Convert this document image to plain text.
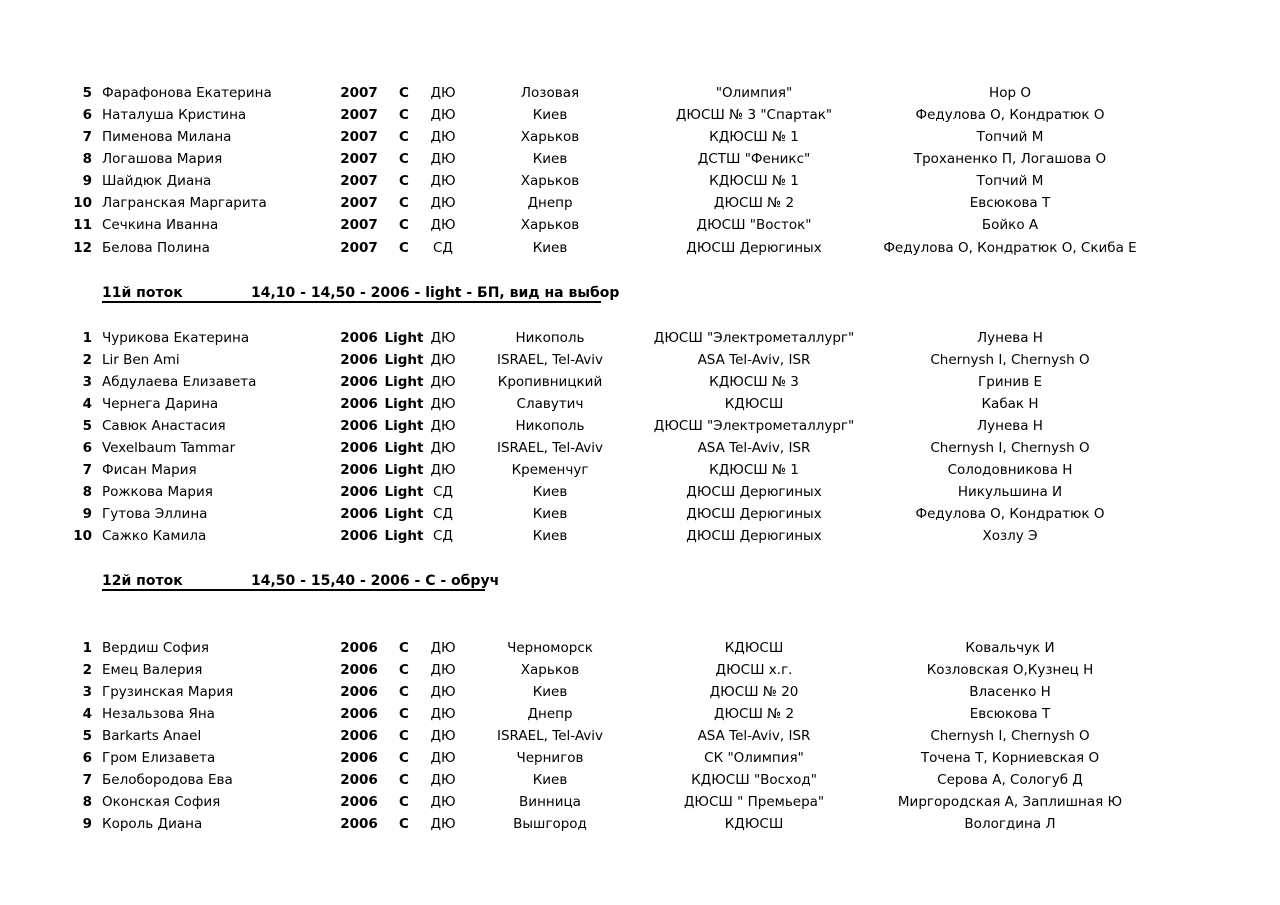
5 Фарафонова Екатерина	2007	С	ДЮ	Лозовая	"Олимпия"	Нор О
6 Наталуша Кристина	2007	С	ДЮ	Киев	ДЮСШ № 3 "Спартак"	Федулова О, Кондратюк О
7 Пименова Милана	2007	С	ДЮ	Харьков	КДЮСШ № 1	Топчий М
8 Логашова Мария	2007	С	ДЮ	Киев	ДСТШ "Феникс"	Троханенко П, Логашова О
9 Шайдюк Диана	2007	С	ДЮ	Харьков	КДЮСШ № 1	Топчий М
10 Лагранская Маргарита	2007	С	ДЮ	Днепр	ДЮСШ № 2	Евсюкова Т
11 Сечкина Иванна	2007	С	ДЮ	Харьков	ДЮСШ "Восток"	Бойко А
12 Белова Полина	2007	С	СД	Киев	ДЮСШ Дерюгиных	Федулова О, Кондратюк О, Скиба Е
11й поток	14,10 - 14,50 - 2006 - light - БП, вид на выбор
1 Чурикова Екатерина	2006 Light ДЮ	Никополь	ДЮСШ "Электрометаллург"	Лунева Н
2 Lir Ben Ami	2006 Light ДЮ	ISRAEL, Tel-Aviv	ASA Tel-Aviv, ISR	Chernysh I, Chernysh O
3 Абдулаева Елизавета	2006 Light ДЮ	Кропивницкий	КДЮСШ № 3	Гринив Е
4 Чернега Дарина	2006 Light ДЮ	Славутич	КДЮСШ	Кабак Н
5 Савюк Анастасия	2006 Light ДЮ	Никополь	ДЮСШ "Электрометаллург"	Лунева Н
6 Vexelbaum Tammar	2006 Light ДЮ	ISRAEL, Tel-Aviv	ASA Tel-Aviv, ISR	Chernysh I, Chernysh O
7 Фисан Мария	2006 Light ДЮ	Кременчуг	КДЮСШ № 1	Солодовникова Н
8 Рожкова Мария	2006 Light СД	Киев	ДЮСШ Дерюгиных	Никульшина И
9 Гутова Эллина	2006 Light СД	Киев	ДЮСШ Дерюгиных	Федулова О, Кондратюк О
10 Сажко Камила	2006 Light СД	Киев	ДЮСШ Дерюгиных	Хозлу Э
12й поток	14,50 - 15,40 - 2006 - С - обруч
1 Вердиш София	2006	С	ДЮ	Черноморск	КДЮСШ	Ковальчук И
2 Емец Валерия	2006	С	ДЮ	Харьков	ДЮСШ х.г.	Козловская О,Кузнец Н
3 Грузинская Мария	2006	С	ДЮ	Киев	ДЮСШ № 20	Власенко Н
4 Незальзова Яна	2006	С	ДЮ	Днепр	ДЮСШ № 2	Евсюкова Т
5 Barkarts Anael	2006	С	ДЮ	ISRAEL, Tel-Aviv	ASA Tel-Aviv, ISR	Chernysh I, Chernysh O
6 Гром Елизавета	2006	С	ДЮ	Чернигов	СК "Олимпия"	Точена Т, Корниевская О
7 Белобородова Ева	2006	С	ДЮ	Киев	КДЮСШ "Восход"	Серова А, Сологуб Д
8 Оконская София	2006	С	ДЮ	Винница	ДЮСШ " Премьера"	Миргородская А, Заплишная Ю
9 Король Диана	2006	С	ДЮ	Вышгород	КДЮСШ	Вологдина Л
